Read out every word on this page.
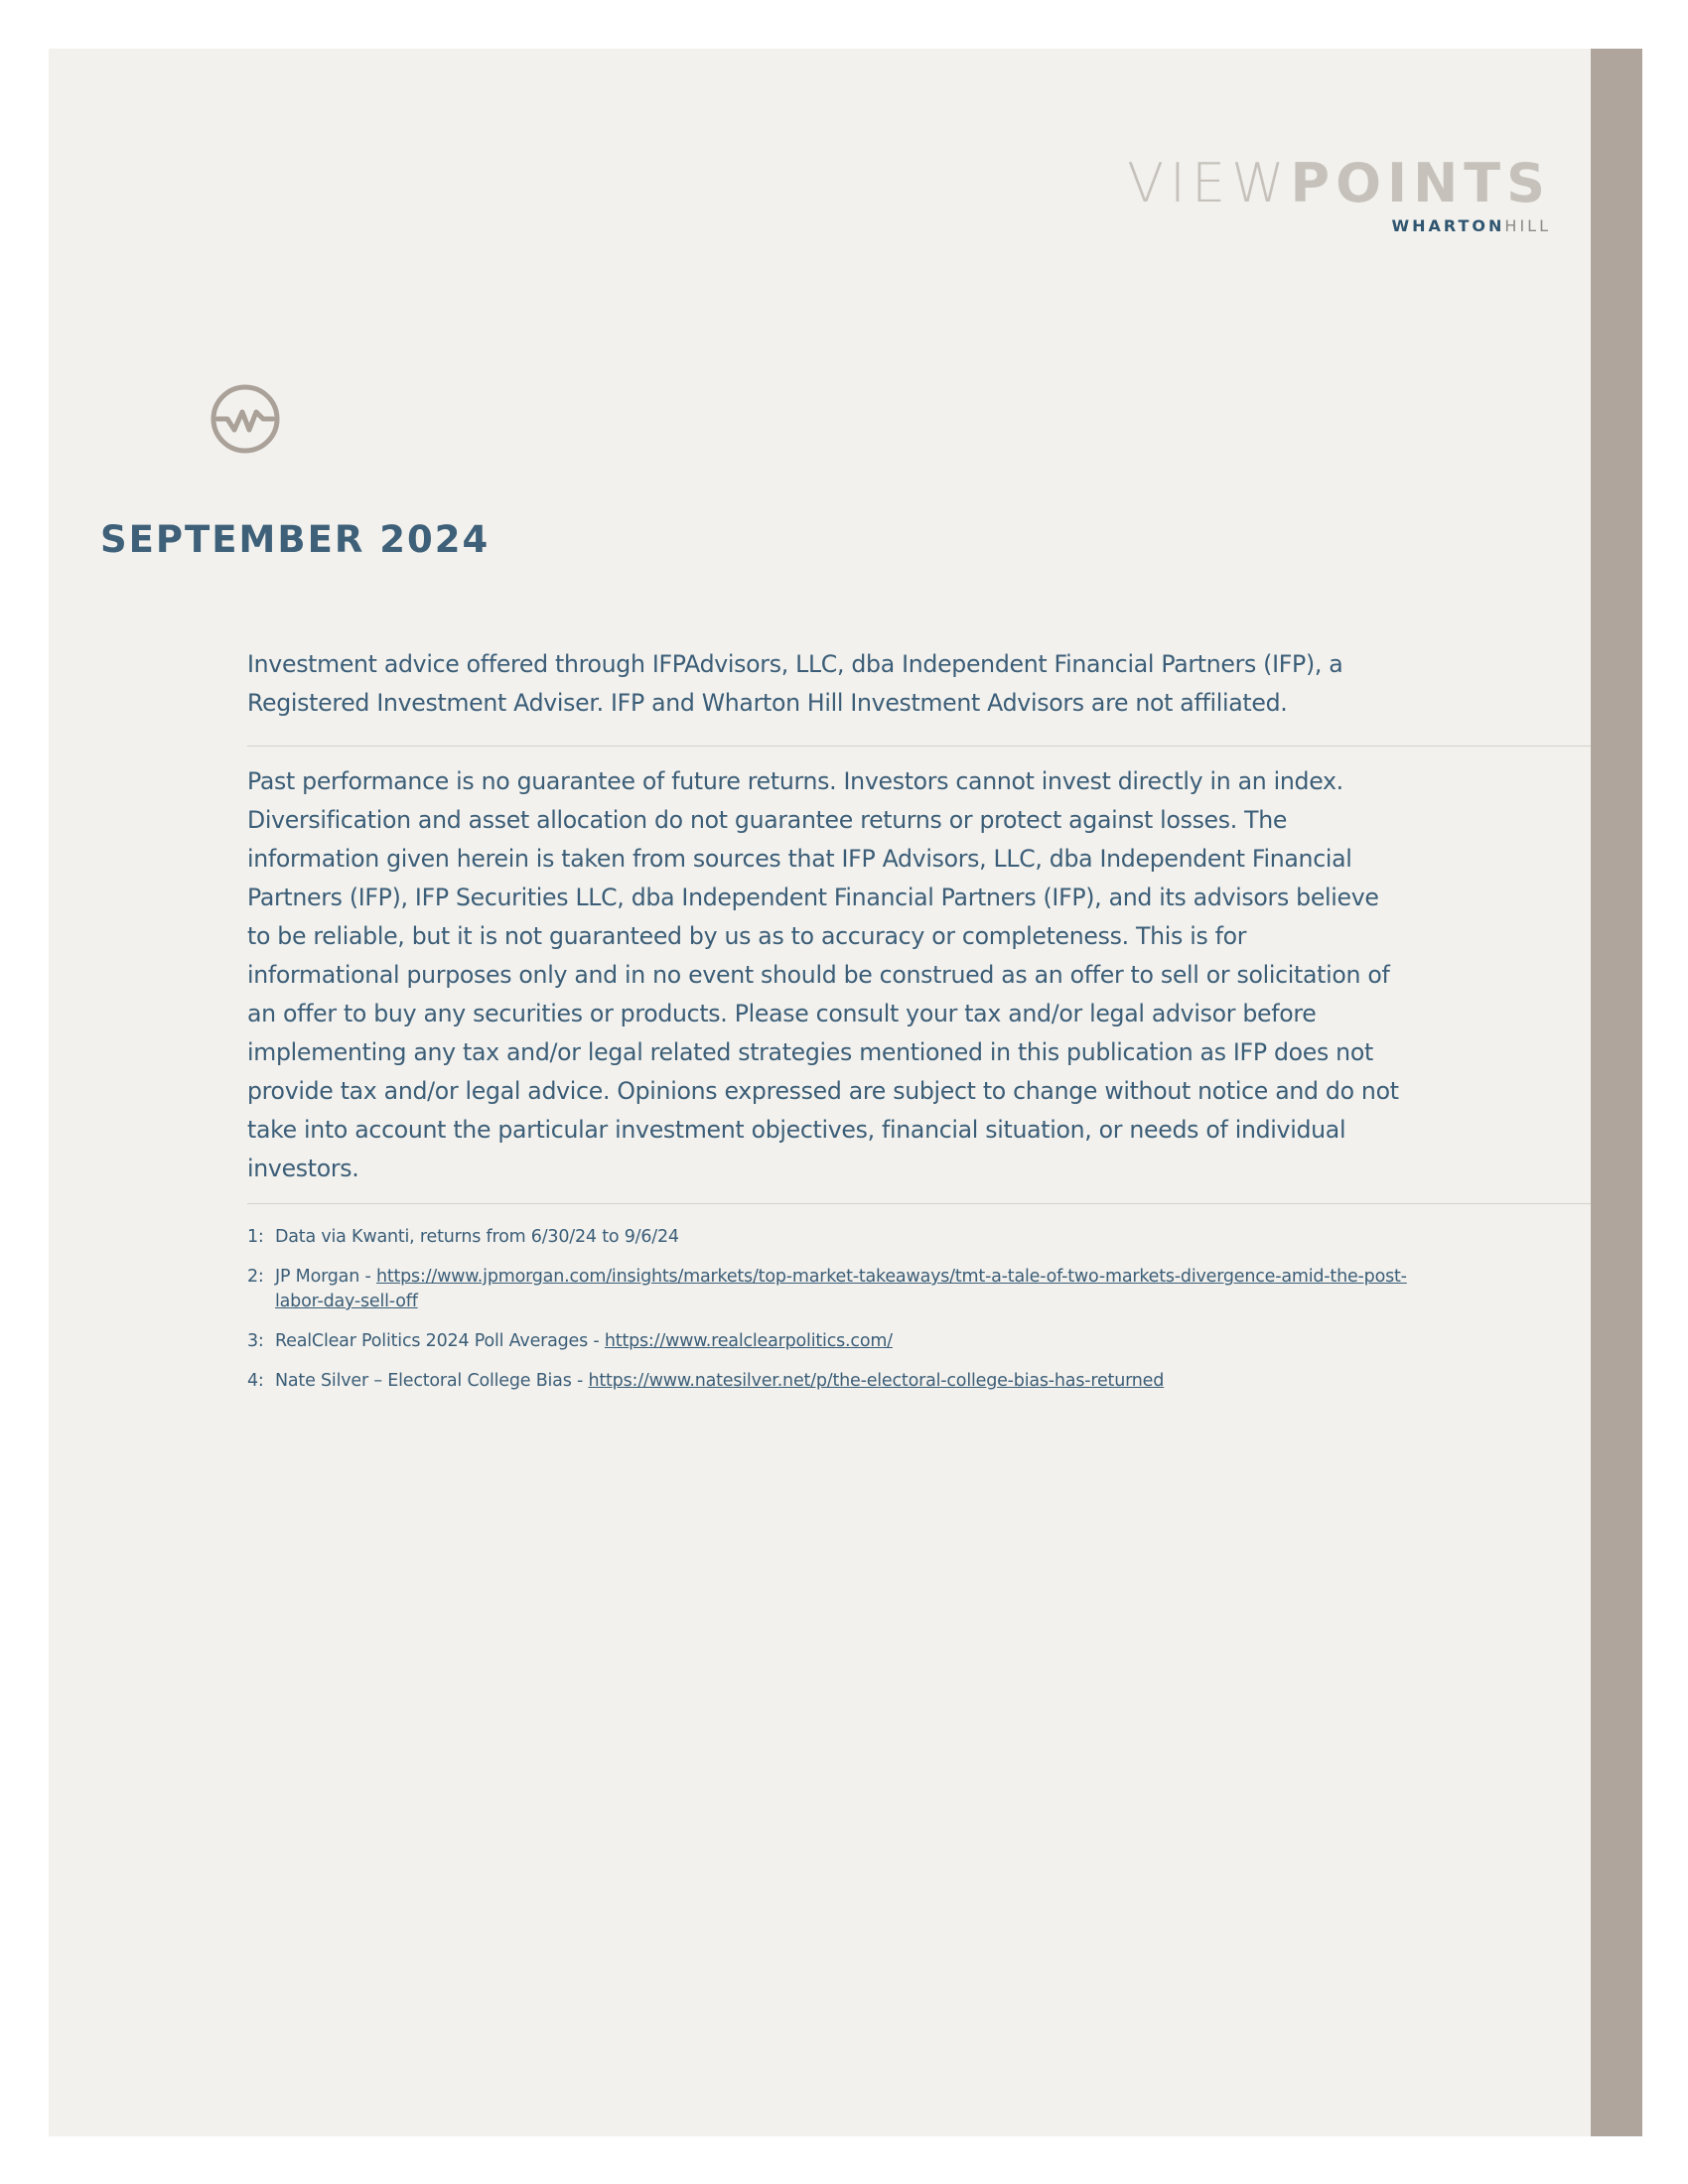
VIEWPOINTS
WHARTONHILL
SEPTEMBER 2024

Investment advice offered through IFPAdvisors, LLC, dba Independent Financial Partners (IFP), a Registered Investment Adviser. IFP and Wharton Hill Investment Advisors are not affiliated.

Past performance is no guarantee of future returns. Investors cannot invest directly in an index. Diversification and asset allocation do not guarantee returns or protect against losses. The information given herein is taken from sources that IFP Advisors, LLC, dba Independent Financial Partners (IFP), IFP Securities LLC, dba Independent Financial Partners (IFP), and its advisors believe to be reliable, but it is not guaranteed by us as to accuracy or completeness. This is for informational purposes only and in no event should be construed as an offer to sell or solicitation of an offer to buy any securities or products. Please consult your tax and/or legal advisor before implementing any tax and/or legal related strategies mentioned in this publication as IFP does not provide tax and/or legal advice. Opinions expressed are subject to change without notice and do not take into account the particular investment objectives, financial situation, or needs of individual investors.

1: Data via Kwanti, returns from 6/30/24 to 9/6/24
2: JP Morgan - https://www.jpmorgan.com/insights/markets/top-market-takeaways/tmt-a-tale-of-two-markets-divergence-amid-the-post-labor-day-sell-off
3: RealClear Politics 2024 Poll Averages - https://www.realclearpolitics.com/
4: Nate Silver – Electoral College Bias - https://www.natesilver.net/p/the-electoral-college-bias-has-returned
